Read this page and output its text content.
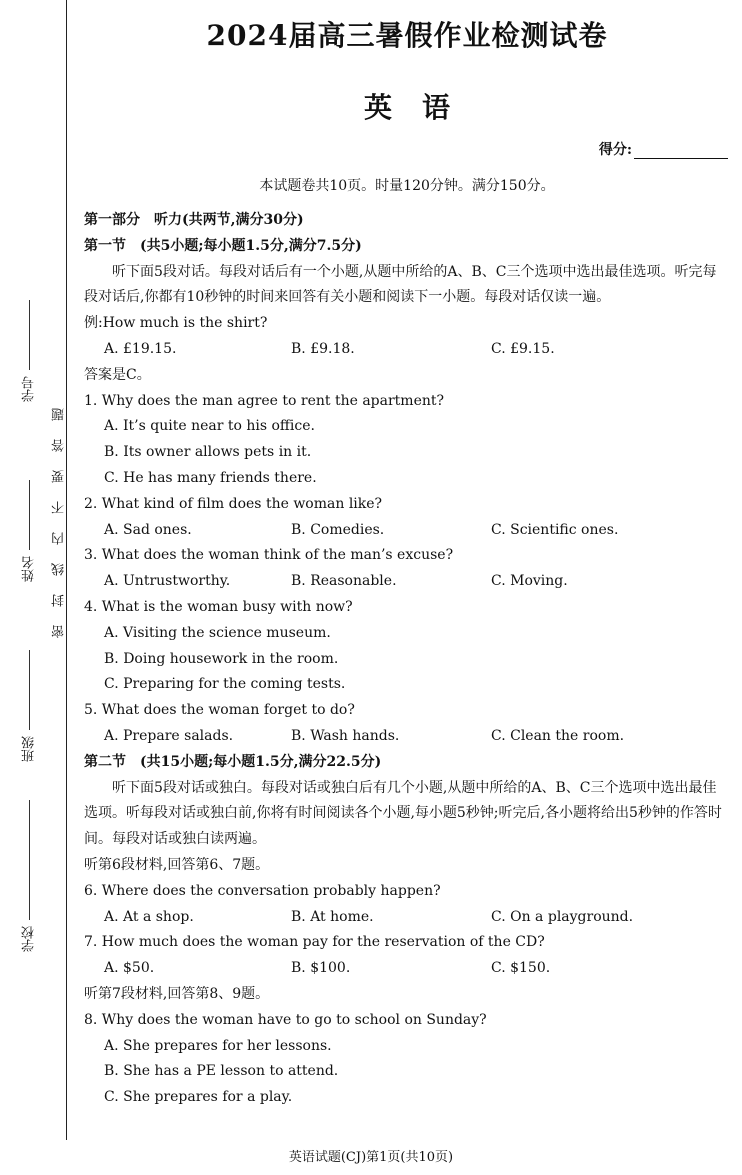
学号
姓名
班级
学校
密封线内不要答题
2024届高三暑假作业检测试卷
英语
得分:
本试题卷共10页。时量120分钟。满分150分。

第一部分　听力(共两节,满分30分)

第一节　(共5小题;每小题1.5分,满分7.5分)

听下面5段对话。每段对话后有一个小题,从题中所给的A、B、C三个选项中选出最佳选项。听完每段对话后,你都有10秒钟的时间来回答有关小题和阅读下一小题。每段对话仅读一遍。

例:How much is the shirt?

A. £19.15.	B. £9.18.	C. £9.15.

答案是C。

1. Why does the man agree to rent the apartment?

A. It’s quite near to his office.

B. Its owner allows pets in it.

C. He has many friends there.

2. What kind of film does the woman like?

A. Sad ones.	B. Comedies.	C. Scientific ones.

3. What does the woman think of the man’s excuse?

A. Untrustworthy.	B. Reasonable.	C. Moving.

4. What is the woman busy with now?

A. Visiting the science museum.

B. Doing housework in the room.

C. Preparing for the coming tests.

5. What does the woman forget to do?

A. Prepare salads.	B. Wash hands.	C. Clean the room.

第二节　(共15小题;每小题1.5分,满分22.5分)

听下面5段对话或独白。每段对话或独白后有几个小题,从题中所给的A、B、C三个选项中选出最佳选项。听每段对话或独白前,你将有时间阅读各个小题,每小题5秒钟;听完后,各小题将给出5秒钟的作答时间。每段对话或独白读两遍。

听第6段材料,回答第6、7题。

6. Where does the conversation probably happen?

A. At a shop.	B. At home.	C. On a playground.

7. How much does the woman pay for the reservation of the CD?

A. $50.	B. $100.	C. $150.

听第7段材料,回答第8、9题。

8. Why does the woman have to go to school on Sunday?

A. She prepares for her lessons.

B. She has a PE lesson to attend.

C. She prepares for a play.

英语试题(CJ)第1页(共10页)
